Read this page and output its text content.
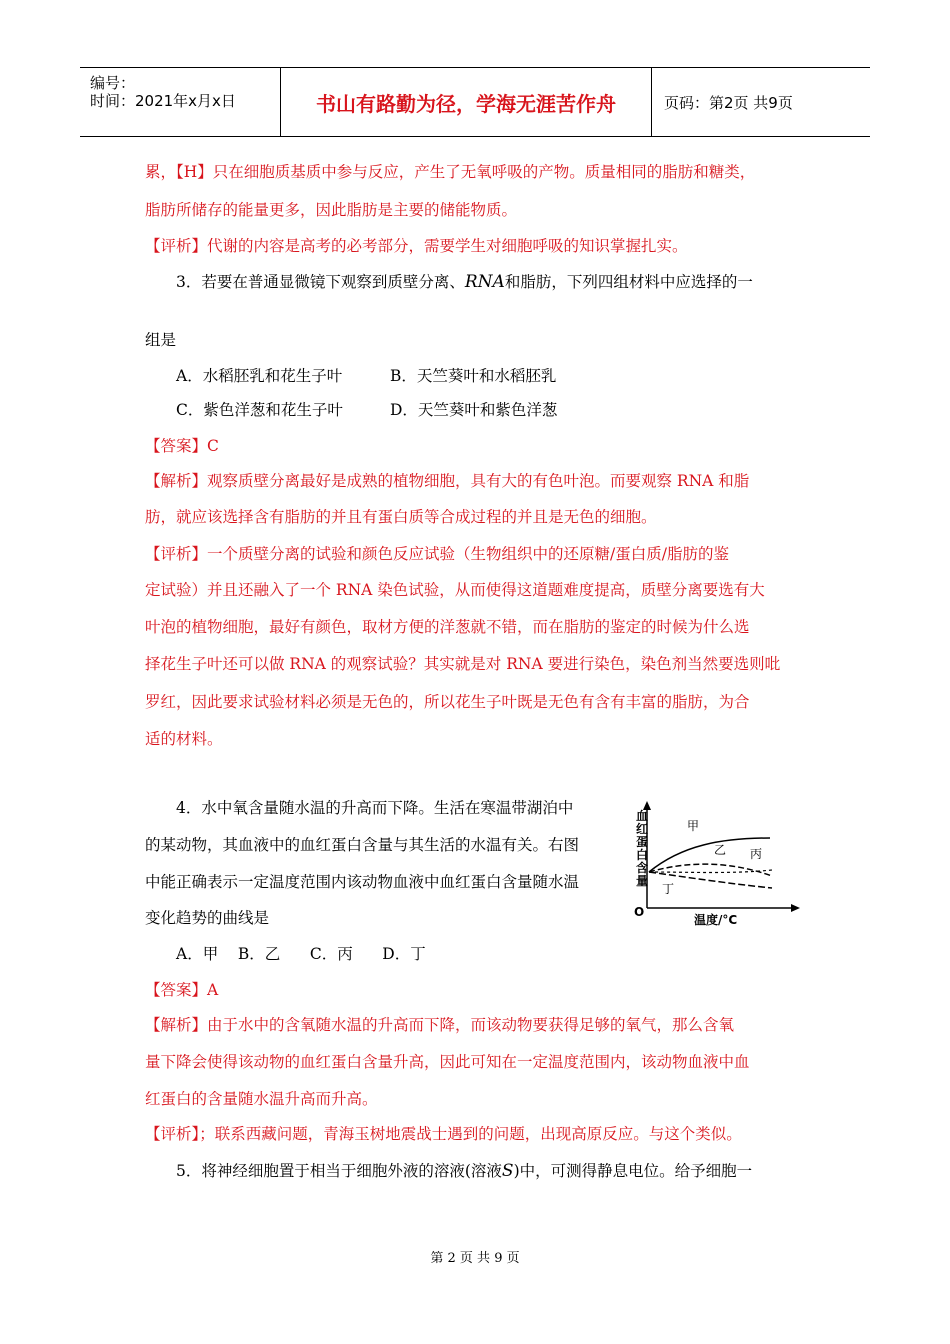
编号：
时间：2021年x月x日	书山有路勤为径，学海无涯苦作舟	页码：第2页 共9页
累，【H】只在细胞质基质中参与反应，产生了无氧呼吸的产物。质量相同的脂肪和糖类，
脂肪所储存的能量更多，因此脂肪是主要的储能物质。
【评析】代谢的内容是高考的必考部分，需要学生对细胞呼吸的知识掌握扎实。
3．若要在普通显微镜下观察到质壁分离、RNA和脂肪，下列四组材料中应选择的一
组是
A．水稻胚乳和花生子叶	B．天竺葵叶和水稻胚乳
C．紫色洋葱和花生子叶	D．天竺葵叶和紫色洋葱
【答案】C
【解析】观察质壁分离最好是成熟的植物细胞，具有大的有色叶泡。而要观察 RNA 和脂
肪，就应该选择含有脂肪的并且有蛋白质等合成过程的并且是无色的细胞。
【评析】一个质壁分离的试验和颜色反应试验（生物组织中的还原糖/蛋白质/脂肪的鉴
定试验）并且还融入了一个 RNA 染色试验，从而使得这道题难度提高，质壁分离要选有大
叶泡的植物细胞，最好有颜色，取材方便的洋葱就不错，而在脂肪的鉴定的时候为什么选
择花生子叶还可以做 RNA 的观察试验？其实就是对 RNA 要进行染色，染色剂当然要选则吡
罗红，因此要求试验材料必须是无色的，所以花生子叶既是无色有含有丰富的脂肪，为合
适的材料。
4．水中氧含量随水温的升高而下降。生活在寒温带湖泊中
的某动物，其血液中的血红蛋白含量与其生活的水温有关。右图
中能正确表示一定温度范围内该动物血液中血红蛋白含量随水温
变化趋势的曲线是
A．甲    B．乙      C．丙      D．丁
【答案】A
【解析】由于水中的含氧随水温的升高而下降，而该动物要获得足够的氧气，那么含氧
量下降会使得该动物的血红蛋白含量升高，因此可知在一定温度范围内，该动物血液中血
红蛋白的含量随水温升高而升高。
【评析】；联系西藏问题，青海玉树地震战士遇到的问题，出现高原反应。与这个类似。
5．将神经细胞置于相当于细胞外液的溶液(溶液S)中，可测得静息电位。给予细胞一
O
血红蛋白含量
温度/°C
甲
乙 丙
丁
第 2 页 共 9 页
